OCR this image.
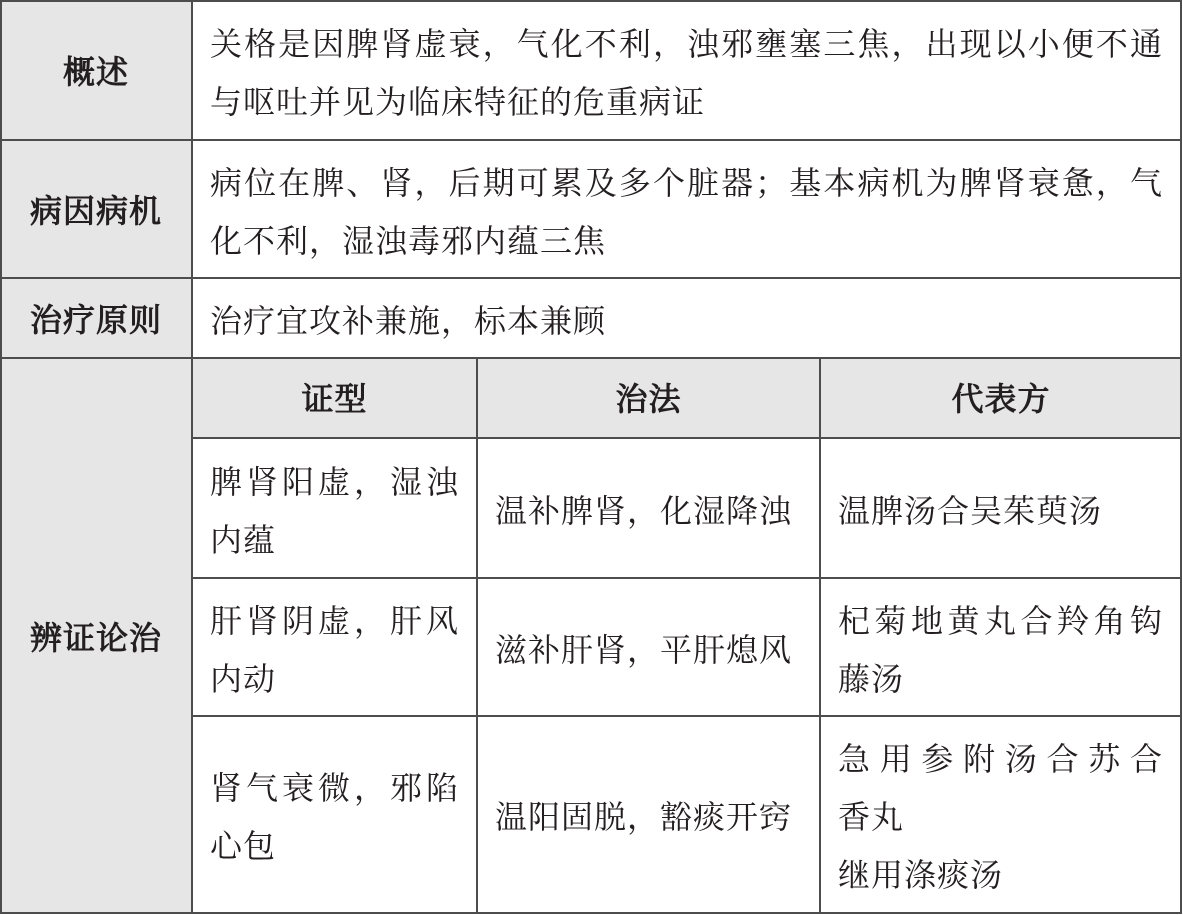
概述
关格是因脾肾虚衰，气化不利，浊邪壅塞三焦，出现以小便不通
与呕吐并见为临床特征的危重病证
病因病机
病位在脾、肾，后期可累及多个脏器；基本病机为脾肾衰惫，气
化不利，湿浊毒邪内蕴三焦
治疗原则 治疗宜攻补兼施，标本兼顾
辨证论治
证型	治法	代表方
脾肾阳虚，湿浊
内蕴
温补脾肾，化湿降浊 温脾汤合吴茱萸汤
肝肾阴虚，肝风
内动
滋补肝肾，平肝熄风
杞菊地黄丸合羚角钩
藤汤
肾气衰微，邪陷
心包
温阳固脱，豁痰开窍
急用参附汤合苏合
香丸
继用涤痰汤
